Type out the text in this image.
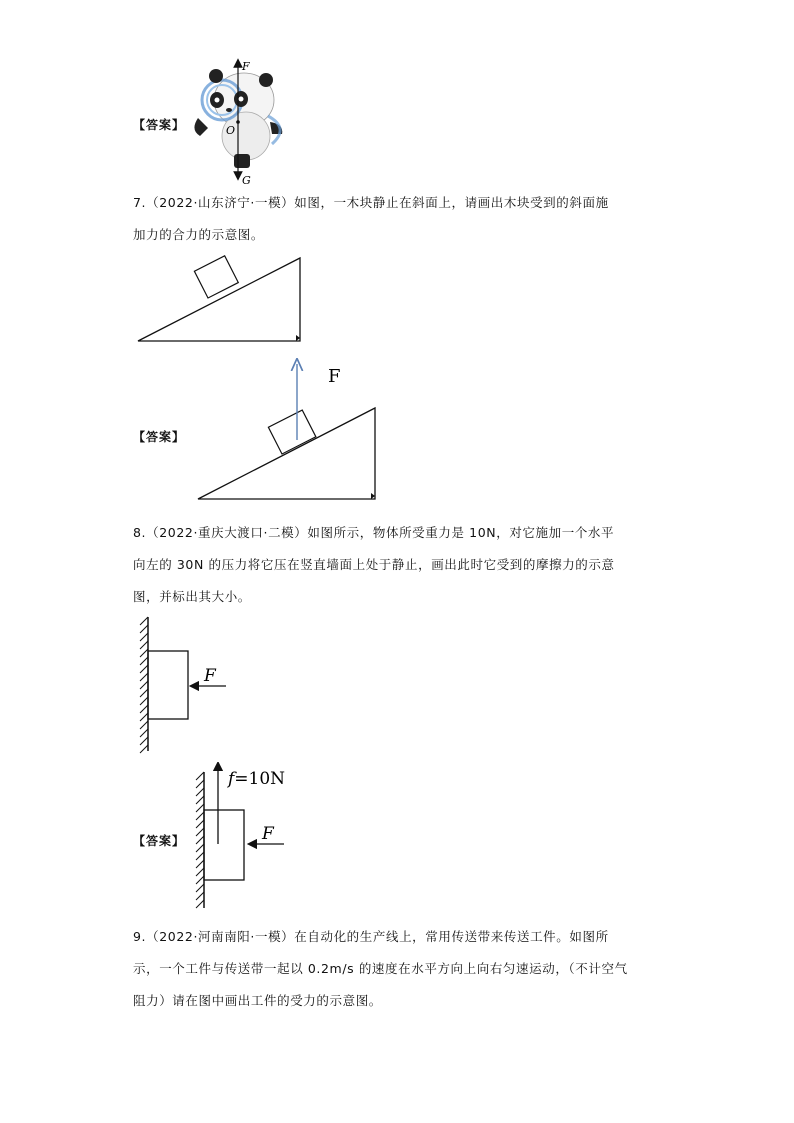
【答案】
F
O
G
7.（2022·山东济宁·一模）如图，一木块静止在斜面上，请画出木块受到的斜面施
加力的合力的示意图。
【答案】
F
8.（2022·重庆大渡口·二模）如图所示，物体所受重力是 10N，对它施加一个水平
向左的 30N 的压力将它压在竖直墙面上处于静止，画出此时它受到的摩擦力的示意
图，并标出其大小。
F
【答案】	F
f=10N
9.（2022·河南南阳·一模）在自动化的生产线上，常用传送带来传送工件。如图所
示，一个工件与传送带一起以 0.2m/s 的速度在水平方向上向右匀速运动，（不计空气
阻力）请在图中画出工件的受力的示意图。
